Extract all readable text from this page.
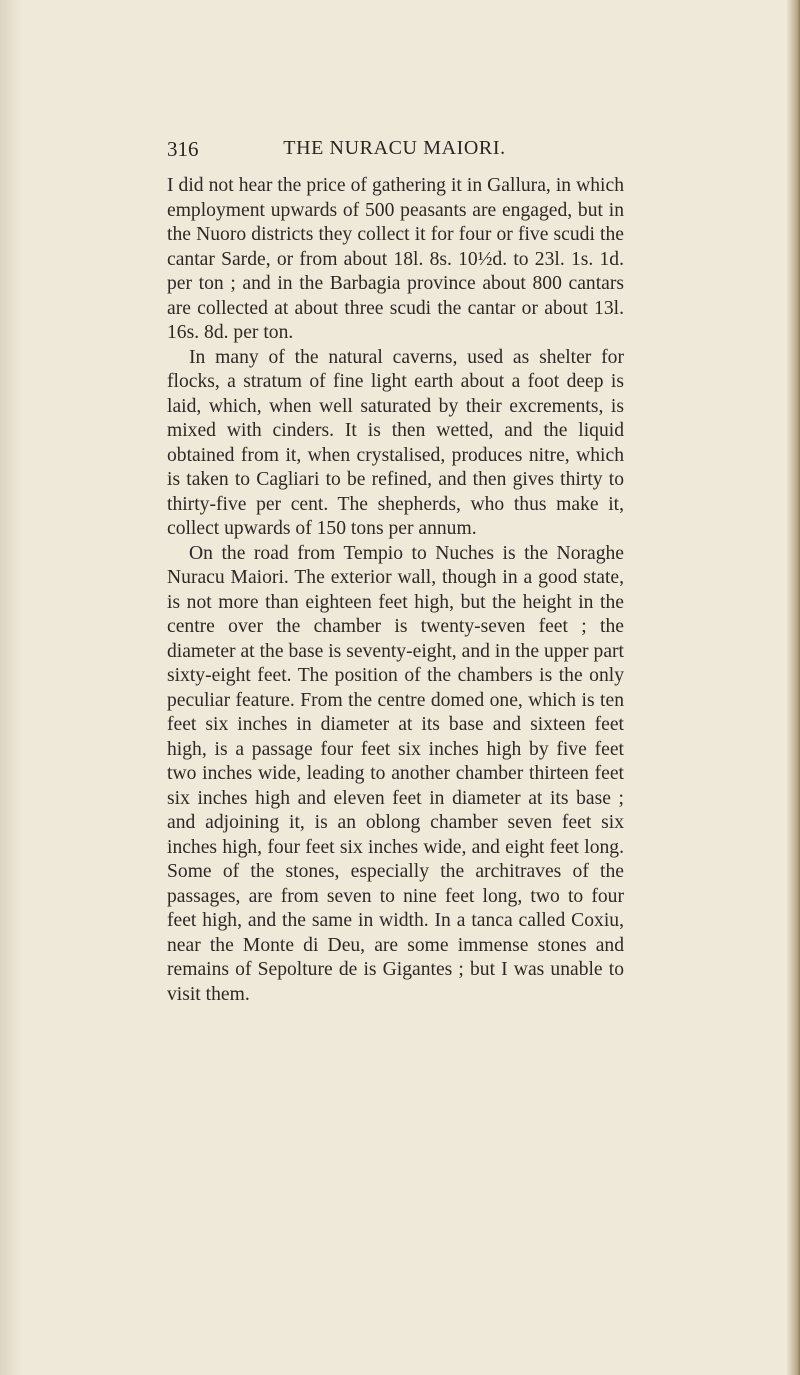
316	THE NURACU MAIORI.

I did not hear the price of gathering it in Gallura, in which employment upwards of 500 peasants are engaged, but in the Nuoro districts they collect it for four or five scudi the cantar Sarde, or from about 18l. 8s. 10½d. to 23l. 1s. 1d. per ton ; and in the Barbagia province about 800 cantars are collected at about three scudi the cantar or about 13l. 16s. 8d. per ton.

In many of the natural caverns, used as shelter for flocks, a stratum of fine light earth about a foot deep is laid, which, when well saturated by their excrements, is mixed with cinders. It is then wetted, and the liquid obtained from it, when crystalised, produces nitre, which is taken to Cagliari to be refined, and then gives thirty to thirty-five per cent. The shepherds, who thus make it, collect upwards of 150 tons per annum.

On the road from Tempio to Nuches is the Noraghe Nuracu Maiori. The exterior wall, though in a good state, is not more than eighteen feet high, but the height in the centre over the chamber is twenty-seven feet ; the diameter at the base is seventy-eight, and in the upper part sixty-eight feet. The position of the chambers is the only peculiar feature. From the centre domed one, which is ten feet six inches in diameter at its base and sixteen feet high, is a passage four feet six inches high by five feet two inches wide, leading to another chamber thirteen feet six inches high and eleven feet in diameter at its base ; and adjoining it, is an oblong chamber seven feet six inches high, four feet six inches wide, and eight feet long. Some of the stones, especially the architraves of the passages, are from seven to nine feet long, two to four feet high, and the same in width. In a tanca called Coxiu, near the Monte di Deu, are some immense stones and remains of Sepolture de is Gigantes ; but I was unable to visit them.
